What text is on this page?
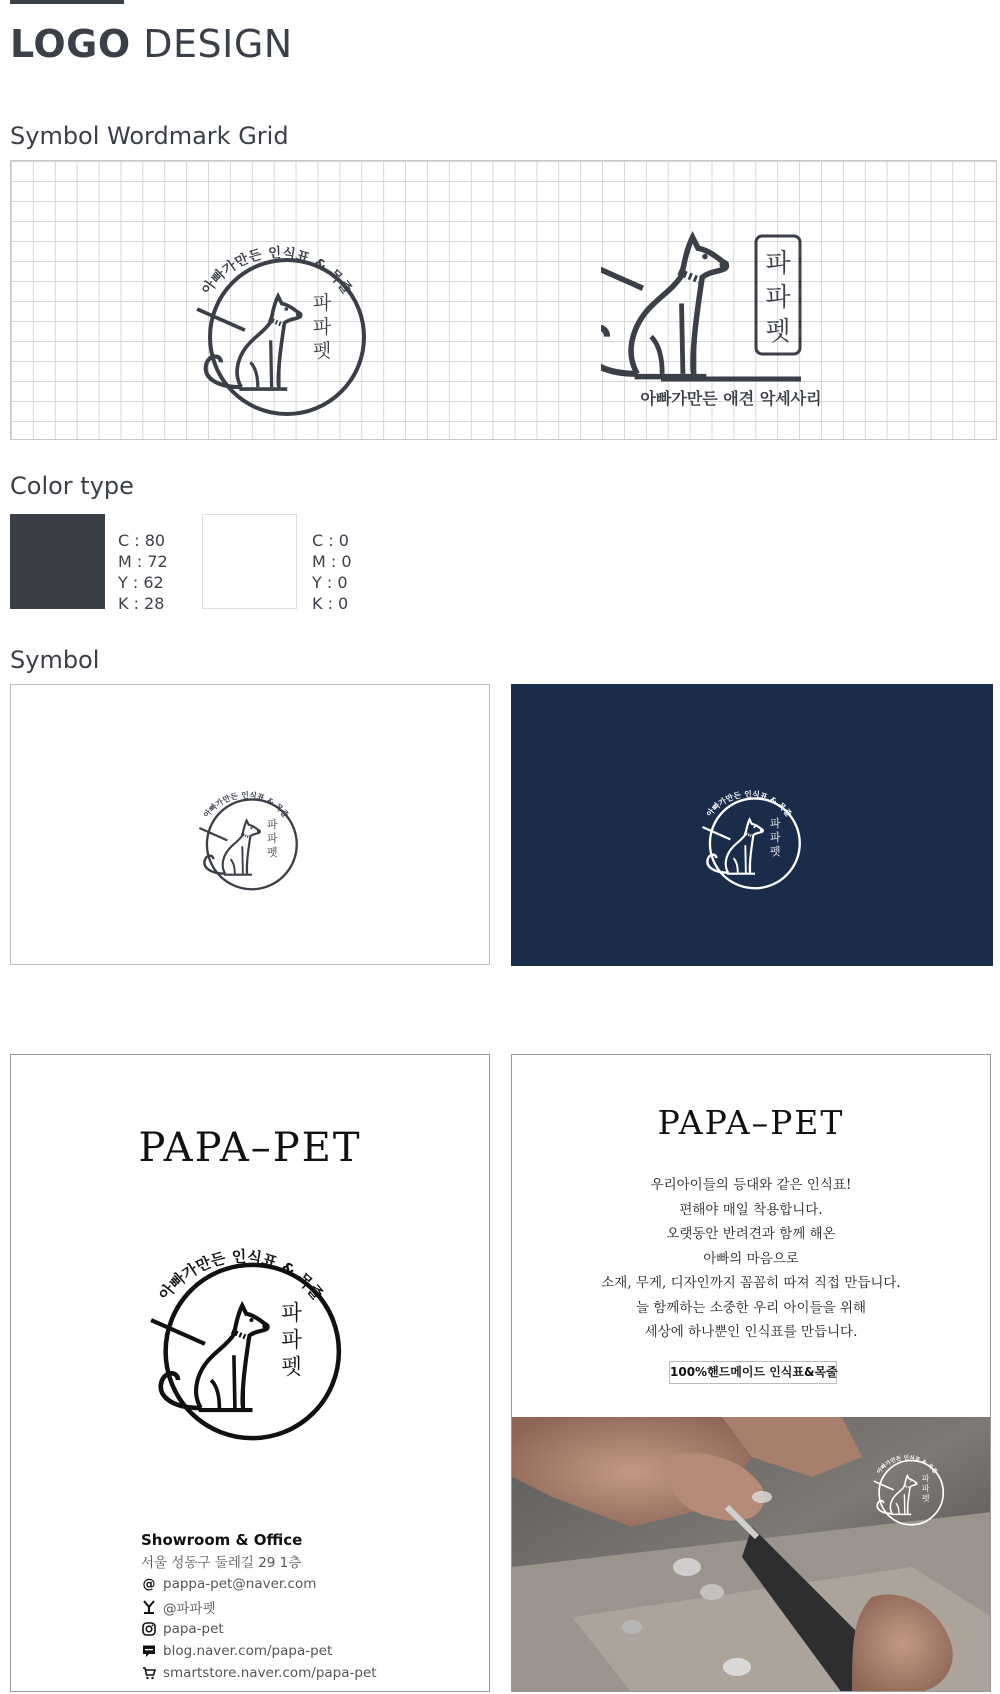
LOGO DESIGN
Symbol Wordmark Grid
아빠가만든 인식표 & 목줄
파
파
펫
파
파
펫
아빠가만든 애견 악세사리
Color type
C : 80
M : 72
Y : 62
K : 28
C : 0
M : 0
Y : 0
K : 0
Symbol
아빠가만든 인식표 & 목줄
파
파
펫
아빠가만든 인식표 & 목줄
파
파
펫
PAPA–PET
아빠가만든 인식표 & 목줄
파
파
펫
Showroom & Office
서울 성동구 둘레길 29 1층
@ pappa-pet@naver.com
@파파펫
papa-pet
blog.naver.com/papa-pet
smartstore.naver.com/papa-pet
PAPA–PET
우리아이들의 등대와 같은 인식표!
편해야 매일 착용합니다.
오랫동안 반려견과 함께 해온
아빠의 마음으로
소재, 무게, 디자인까지 꼼꼼히 따져 직접 만듭니다.
늘 함께하는 소중한 우리 아이들을 위해
세상에 하나뿐인 인식표를 만듭니다.
100%핸드메이드 인식표&목줄
아빠가만든 인식표 & 목줄
파
파
펫
